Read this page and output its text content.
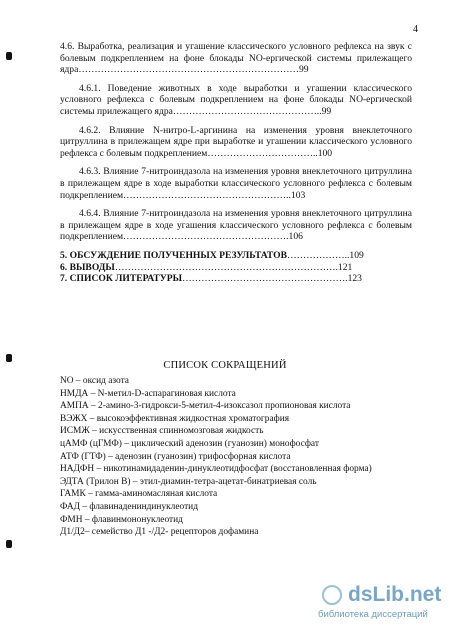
4

4.6. Выработка, реализация и угашение классического условного рефлекса на звук с болевым подкреплением на фоне блокады NO-ергической системы прилежащего ядра……………………………………………………………99

4.6.1. Поведение животных в ходе выработки и угашении классического условного рефлекса с болевым подкреплением на фоне блокады NO-ергической системы прилежащего ядра………………………………………..99

4.6.2. Влияние N-нитро-L-аргинина на изменения уровня внеклеточного цитруллина в прилежащем ядре при выработке и угашении классического условного рефлекса с болевым подкреплением……………………………..100

4.6.3. Влияние 7-нитроиндазола на изменения уровня внеклеточного цитруллина в прилежащем ядре в ходе выработки классического условного рефлекса с болевым подкреплением……………………………………………..103

4.6.4. Влияние 7-нитроиндазола на изменения уровня внеклеточного цитруллина в прилежащем ядре в ходе угашения классического условного рефлекса с болевым подкреплением…………………………………………….106

5. ОБСУЖДЕНИЕ ПОЛУЧЕННЫХ РЕЗУЛЬТАТОВ………………..109

6. ВЫВОДЫ…………………………………………………………….121

7. СПИСОК ЛИТЕРАТУРЫ…………………………………………….123

СПИСОК СОКРАЩЕНИЙ
NO – оксид азота
НМДА – N-метил-D-аспарагиновая кислота
АМПА – 2-амино-3-гидрокси-5-метил-4-изоксазол пропионовая кислота
ВЭЖХ – высокоэффективная жидкостная хроматография
ИСМЖ – искусственная спинномозговая жидкость
цАМФ (цГМФ) – циклический аденозин (гуанозин) монофосфат
АТФ (ГТФ) – аденозин (гуанозин) трифосфорная кислота
НАДФН – никотинамидаденин-динуклеотидфосфат (восстановленная форма)
ЭДТА (Трилон В) – этил-диамин-тетра-ацетат-бинатриевая соль
ГАМК – гамма-аминомасляная кислота
ФАД – флавинадениндинуклеотид
ФМН – флавинмононуклеотид
Д1/Д2– семейство Д1 -/Д2- рецепторов дофамина
dsLib.net
библиотека диссертаций
